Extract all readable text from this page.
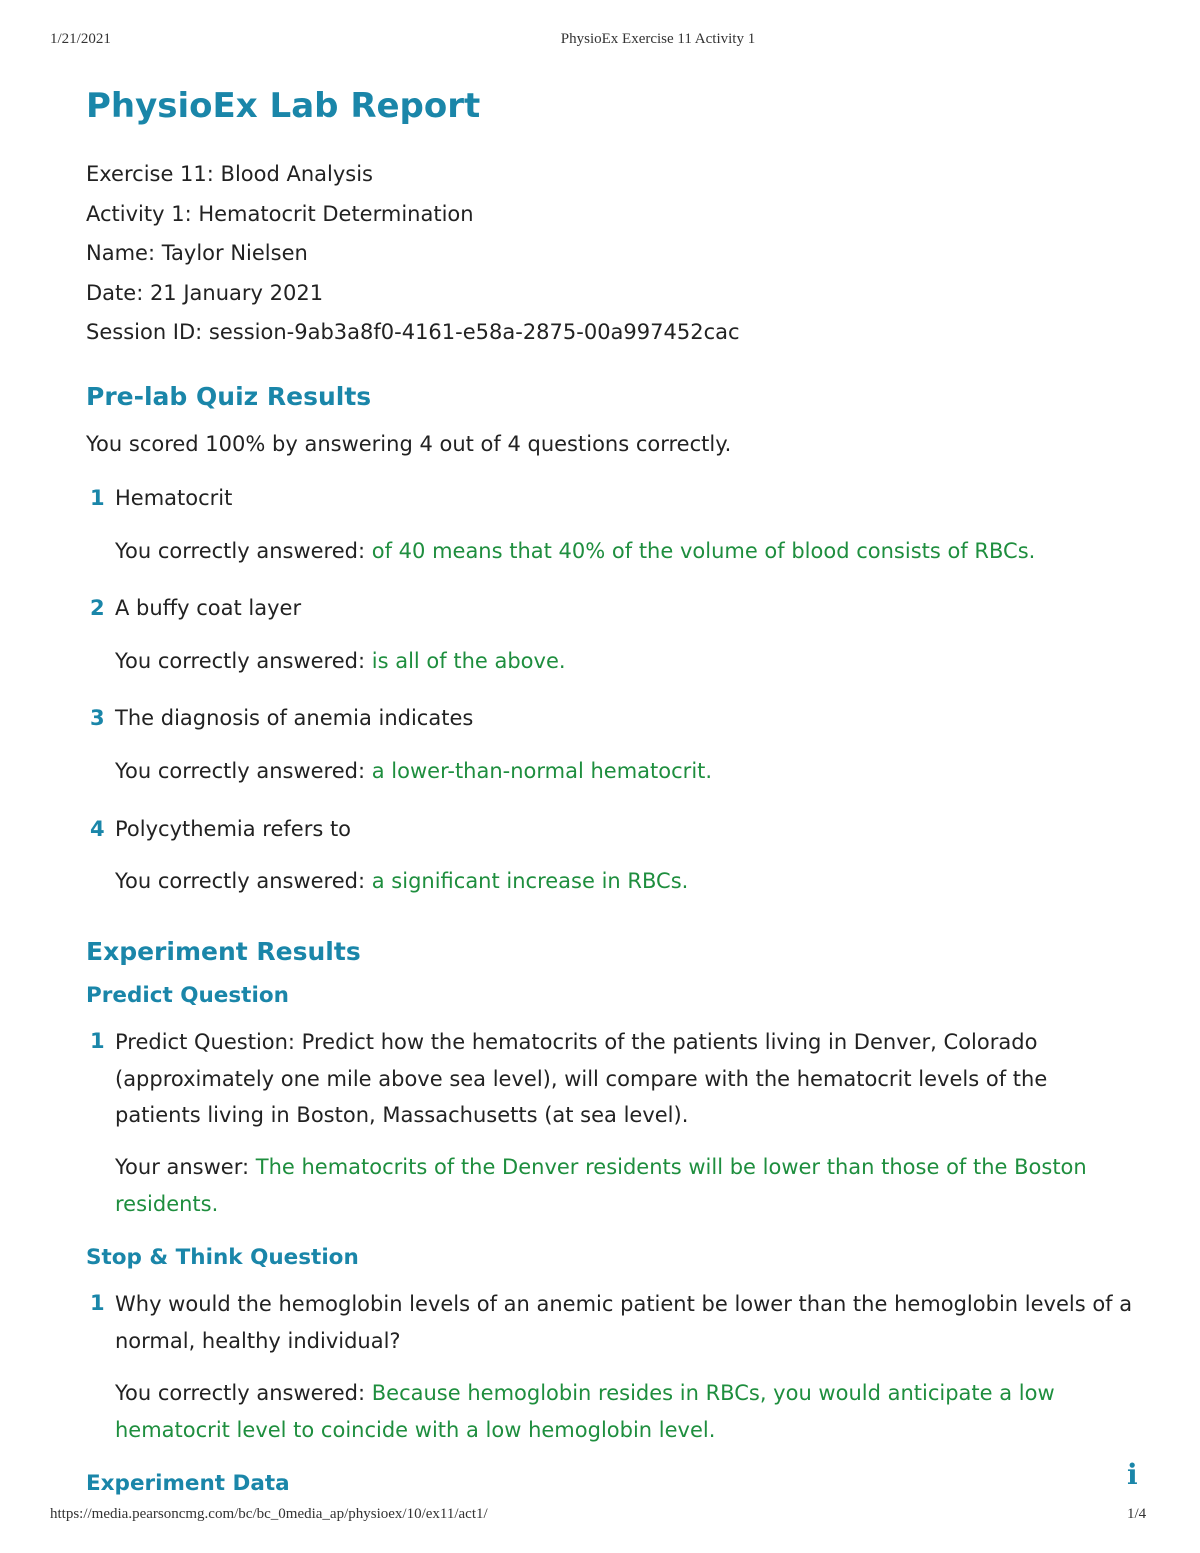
1/21/2021	PhysioEx Exercise 11 Activity 1
PhysioEx Lab Report
Exercise 11: Blood Analysis
Activity 1: Hematocrit Determination
Name: Taylor Nielsen
Date: 21 January 2021
Session ID: session-9ab3a8f0-4161-e58a-2875-00a997452cac
Pre-lab Quiz Results
You scored 100% by answering 4 out of 4 questions correctly.
1 Hematocrit
You correctly answered: of 40 means that 40% of the volume of blood consists of RBCs.
2 A buffy coat layer
You correctly answered: is all of the above.
3 The diagnosis of anemia indicates
You correctly answered: a lower-than-normal hematocrit.
4 Polycythemia refers to
You correctly answered: a significant increase in RBCs.
Experiment Results
Predict Question
1 Predict Question: Predict how the hematocrits of the patients living in Denver, Colorado (approximately one mile above sea level), will compare with the hematocrit levels of the patients living in Boston, Massachusetts (at sea level).
Your answer: The hematocrits of the Denver residents will be lower than those of the Boston residents.
Stop & Think Question
1 Why would the hemoglobin levels of an anemic patient be lower than the hemoglobin levels of a normal, healthy individual?
You correctly answered: Because hemoglobin resides in RBCs, you would anticipate a low hematocrit level to coincide with a low hemoglobin level.
Experiment Data	i
https://media.pearsoncmg.com/bc/bc_0media_ap/physioex/10/ex11/act1/	1/4
